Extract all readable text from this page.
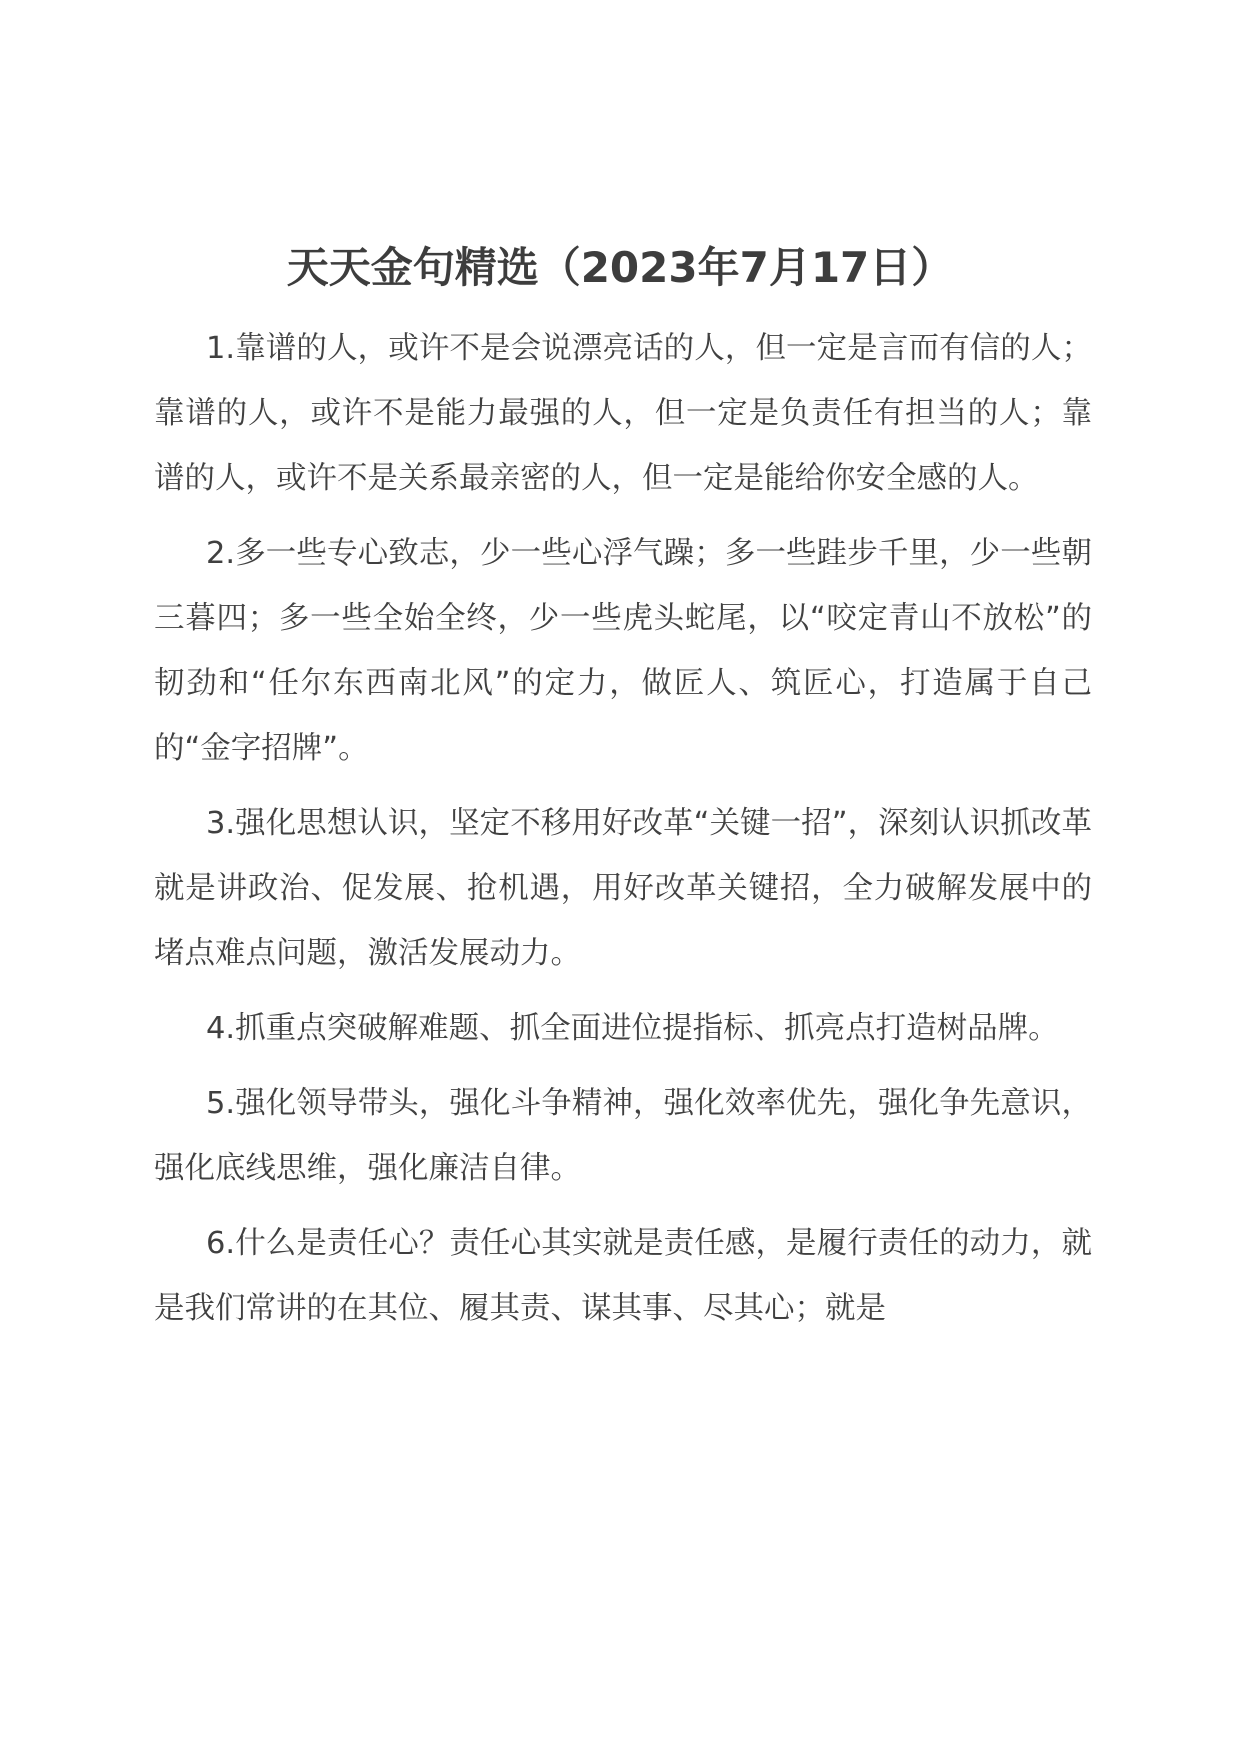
天天金句精选（2023年7月17日）

1.靠谱的人，或许不是会说漂亮话的人，但一定是言而有信的人；靠谱的人，或许不是能力最强的人，但一定是负责任有担当的人；靠谱的人，或许不是关系最亲密的人，但一定是能给你安全感的人。

2.多一些专心致志，少一些心浮气躁；多一些跬步千里，少一些朝三暮四；多一些全始全终，少一些虎头蛇尾，以“咬定青山不放松”的韧劲和“任尔东西南北风”的定力，做匠人、筑匠心，打造属于自己的“金字招牌”。

3.强化思想认识，坚定不移用好改革“关键一招”，深刻认识抓改革就是讲政治、促发展、抢机遇，用好改革关键招，全力破解发展中的堵点难点问题，激活发展动力。

4.抓重点突破解难题、抓全面进位提指标、抓亮点打造树品牌。

5.强化领导带头，强化斗争精神，强化效率优先，强化争先意识，强化底线思维，强化廉洁自律。

6.什么是责任心？责任心其实就是责任感，是履行责任的动力，就是我们常讲的在其位、履其责、谋其事、尽其心；就是
